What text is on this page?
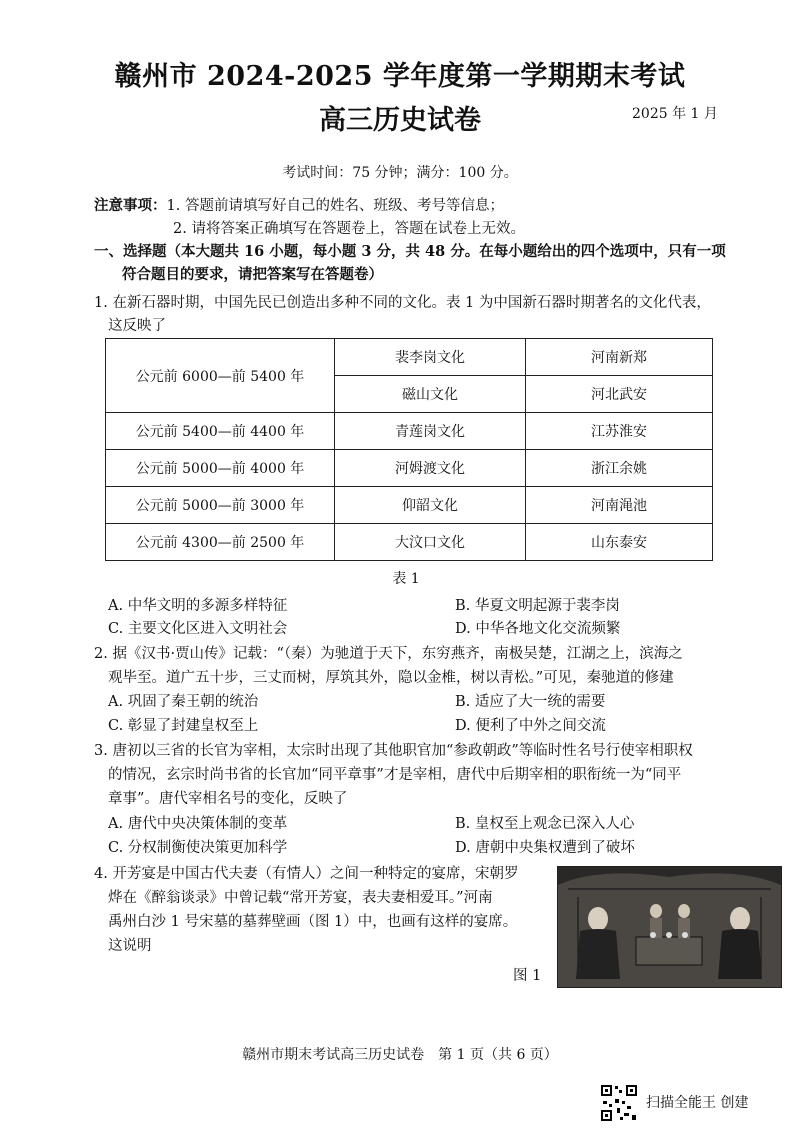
赣州市 2024-2025 学年度第一学期期末考试
高三历史试卷	2025 年 1 月
考试时间：75 分钟；满分：100 分。
注意事项：1. 答题前请填写好自己的姓名、班级、考号等信息；
2. 请将答案正确填写在答题卷上，答题在试卷上无效。
一、选择题（本大题共 16 小题，每小题 3 分，共 48 分。在每小题给出的四个选项中，只有一项
符合题目的要求，请把答案写在答题卷）
1. 在新石器时期，中国先民已创造出多种不同的文化。表 1 为中国新石器时期著名的文化代表，
这反映了
公元前 6000—前 5400 年	裴李岗文化	河南新郑
	磁山文化	河北武安
公元前 5400—前 4400 年	青莲岗文化	江苏淮安
公元前 5000—前 4000 年	河姆渡文化	浙江余姚
公元前 5000—前 3000 年	仰韶文化	河南渑池
公元前 4300—前 2500 年	大汶口文化	山东泰安
表 1
A. 中华文明的多源多样特征	B. 华夏文明起源于裴李岗
C. 主要文化区进入文明社会	D. 中华各地文化交流频繁
2. 据《汉书·贾山传》记载：“（秦）为驰道于天下，东穷燕齐，南极吴楚，江湖之上，滨海之
观毕至。道广五十步，三丈而树，厚筑其外，隐以金椎，树以青松。”可见，秦驰道的修建
A. 巩固了秦王朝的统治	B. 适应了大一统的需要
C. 彰显了封建皇权至上	D. 便利了中外之间交流
3. 唐初以三省的长官为宰相，太宗时出现了其他职官加“参政朝政”等临时性名号行使宰相职权
的情况，玄宗时尚书省的长官加“同平章事”才是宰相，唐代中后期宰相的职衔统一为“同平
章事”。唐代宰相名号的变化，反映了
A. 唐代中央决策体制的变革	B. 皇权至上观念已深入人心
C. 分权制衡使决策更加科学	D. 唐朝中央集权遭到了破坏
4. 开芳宴是中国古代夫妻（有情人）之间一种特定的宴席，宋朝罗
烨在《醉翁谈录》中曾记载“常开芳宴，表夫妻相爱耳。”河南
禹州白沙 1 号宋墓的墓葬壁画（图 1）中，也画有这样的宴席。
这说明
图 1
赣州市期末考试高三历史试卷　第 1 页（共 6 页）
扫描全能王 创建
